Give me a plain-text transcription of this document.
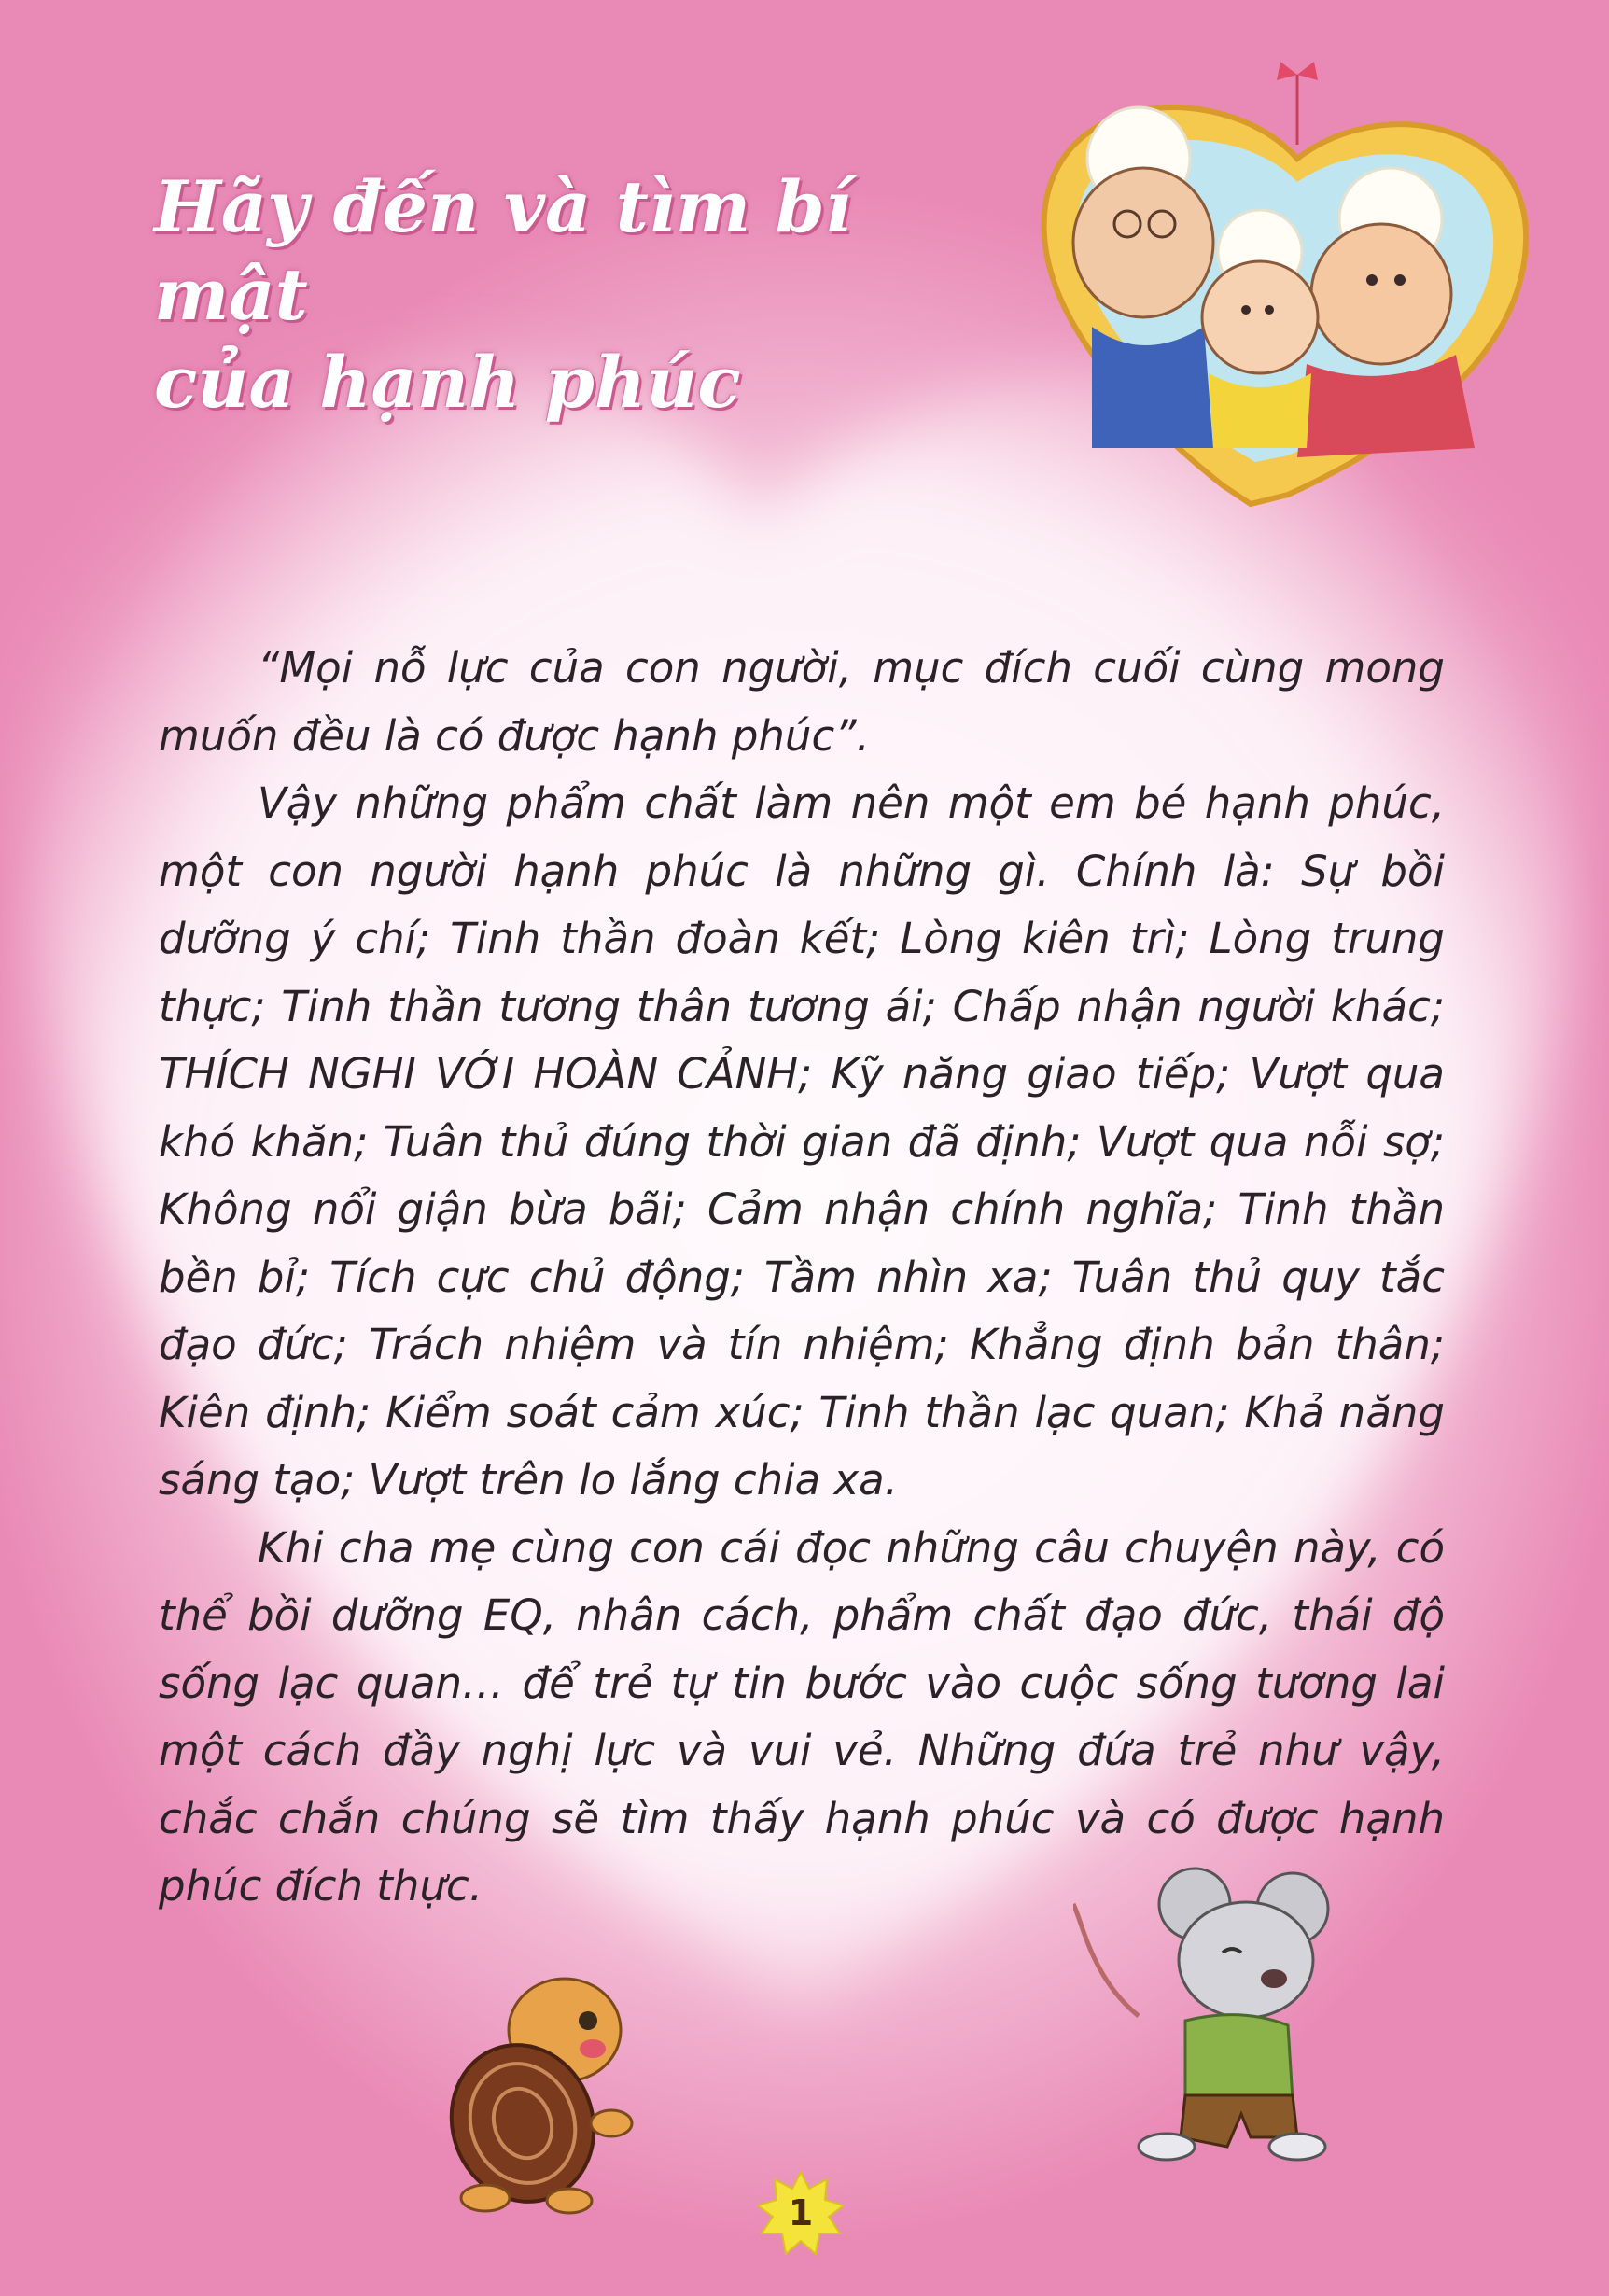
Hãy đến và tìm bí mật
của hạnh phúc

“Mọi nỗ lực của con người, mục đích cuối cùng mong muốn đều là có được hạnh phúc”.

Vậy những phẩm chất làm nên một em bé hạnh phúc, một con người hạnh phúc là những gì. Chính là: Sự bồi dưỡng ý chí; Tinh thần đoàn kết; Lòng kiên trì; Lòng trung thực; Tinh thần tương thân tương ái; Chấp nhận người khác; THÍCH NGHI VỚI HOÀN CẢNH; Kỹ năng giao tiếp; Vượt qua khó khăn; Tuân thủ đúng thời gian đã định; Vượt qua nỗi sợ; Không nổi giận bừa bãi; Cảm nhận chính nghĩa; Tinh thần bền bỉ; Tích cực chủ động; Tầm nhìn xa; Tuân thủ quy tắc đạo đức; Trách nhiệm và tín nhiệm; Khẳng định bản thân; Kiên định; Kiểm soát cảm xúc; Tinh thần lạc quan; Khả năng sáng tạo; Vượt trên lo lắng chia xa.

Khi cha mẹ cùng con cái đọc những câu chuyện này, có thể bồi dưỡng EQ, nhân cách, phẩm chất đạo đức, thái độ sống lạc quan… để trẻ tự tin bước vào cuộc sống tương lai một cách đầy nghị lực và vui vẻ. Những đứa trẻ như vậy, chắc chắn chúng sẽ tìm thấy hạnh phúc và có được hạnh phúc đích thực.

1
